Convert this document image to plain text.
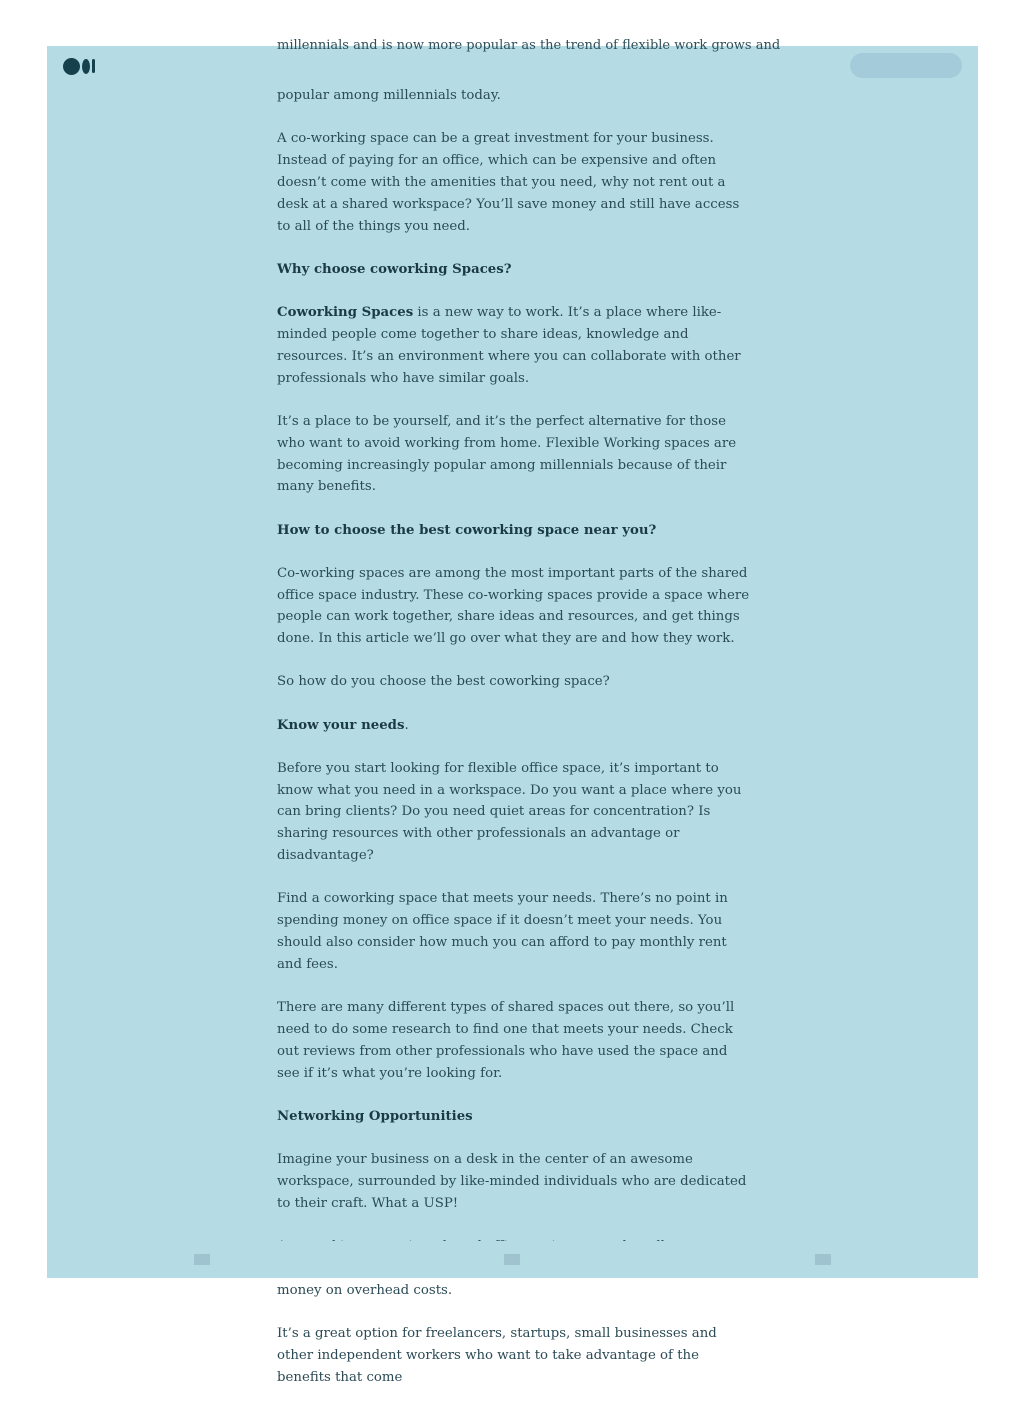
millennials and is now more popular as the trend of flexible work grows and

popular among millennials today.

A co-working space can be a great investment for your business. Instead of paying for an office, which can be expensive and often doesn’t come with the amenities that you need, why not rent out a desk at a shared workspace? You’ll save money and still have access to all of the things you need.

Why choose coworking Spaces?

Coworking Spaces is a new way to work. It’s a place where like-minded people come together to share ideas, knowledge and resources. It’s an environment where you can collaborate with other professionals who have similar goals.

It’s a place to be yourself, and it’s the perfect alternative for those who want to avoid working from home. Flexible Working spaces are becoming increasingly popular among millennials because of their many benefits.

How to choose the best coworking space near you?

Co-working spaces are among the most important parts of the shared office space industry. These co-working spaces provide a space where people can work together, share ideas and resources, and get things done. In this article we’ll go over what they are and how they work.

So how do you choose the best coworking space?

Know your needs.

Before you start looking for flexible office space, it’s important to know what you need in a workspace. Do you want a place where you can bring clients? Do you need quiet areas for concentration? Is sharing resources with other professionals an advantage or disadvantage?

Find a coworking space that meets your needs. There’s no point in spending money on office space if it doesn’t meet your needs. You should also consider how much you can afford to pay monthly rent and fees.

There are many different types of shared spaces out there, so you’ll need to do some research to find one that meets your needs. Check out reviews from other professionals who have used the space and see if it’s what you’re looking for.

Networking Opportunities

Imagine your business on a desk in the center of an awesome workspace, surrounded by like-minded individuals who are dedicated to their craft. What a USP!

money on overhead costs.

It’s a great option for freelancers, startups, small businesses and other independent workers who want to take advantage of the benefits that come
